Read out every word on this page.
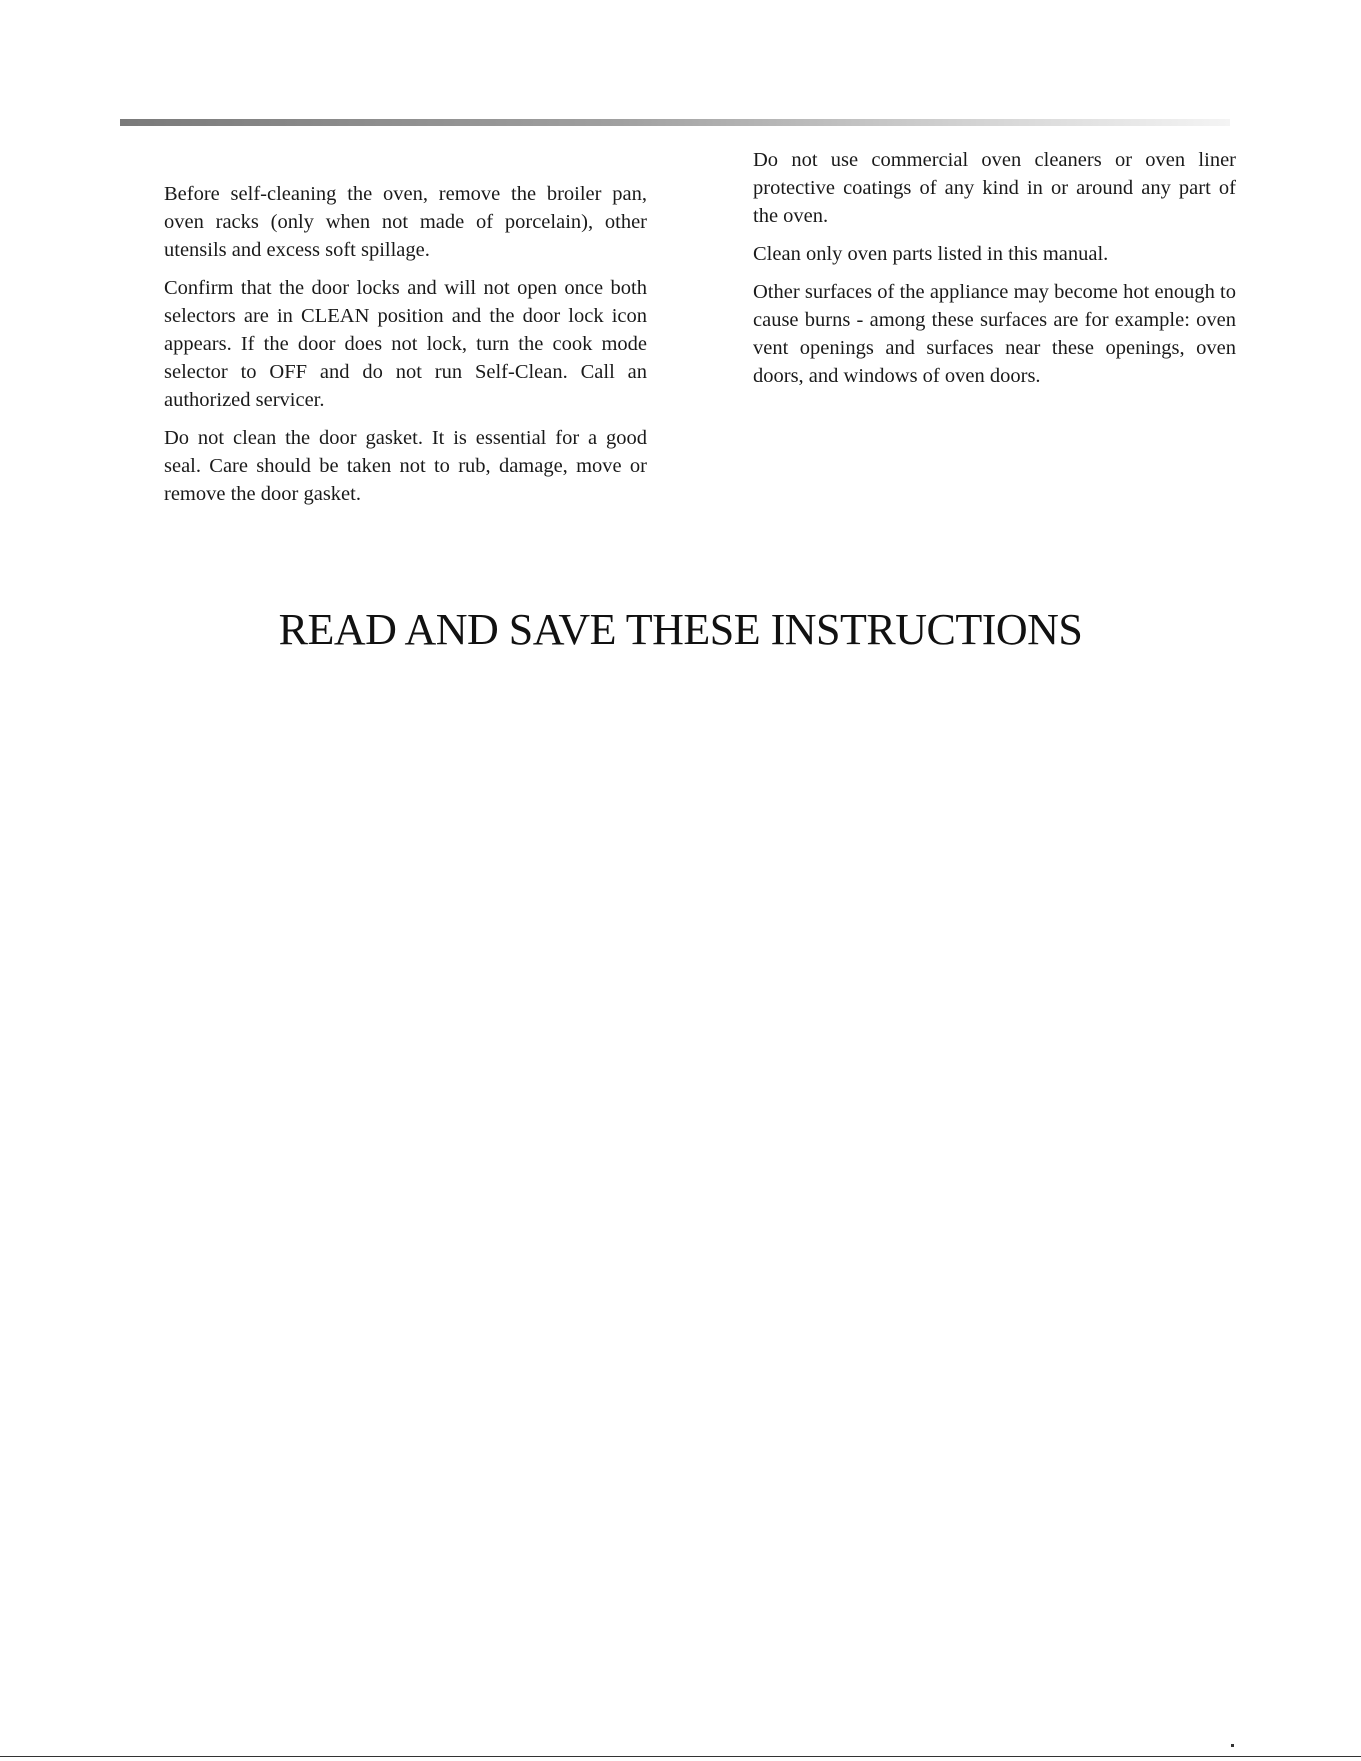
Before self-cleaning the oven, remove the broiler pan, oven racks (only when not made of porcelain), other utensils and excess soft spillage.

Confirm that the door locks and will not open once both selectors are in CLEAN position and the door lock icon appears. If the door does not lock, turn the cook mode selector to OFF and do not run Self-Clean. Call an authorized servicer.

Do not clean the door gasket. It is essential for a good seal. Care should be taken not to rub, damage, move or remove the door gasket.

Do not use commercial oven cleaners or oven liner protective coatings of any kind in or around any part of the oven.

Clean only oven parts listed in this manual.

Other surfaces of the appliance may become hot enough to cause burns - among these surfaces are for example: oven vent openings and surfaces near these openings, oven doors, and windows of oven doors.

READ AND SAVE THESE INSTRUCTIONS
